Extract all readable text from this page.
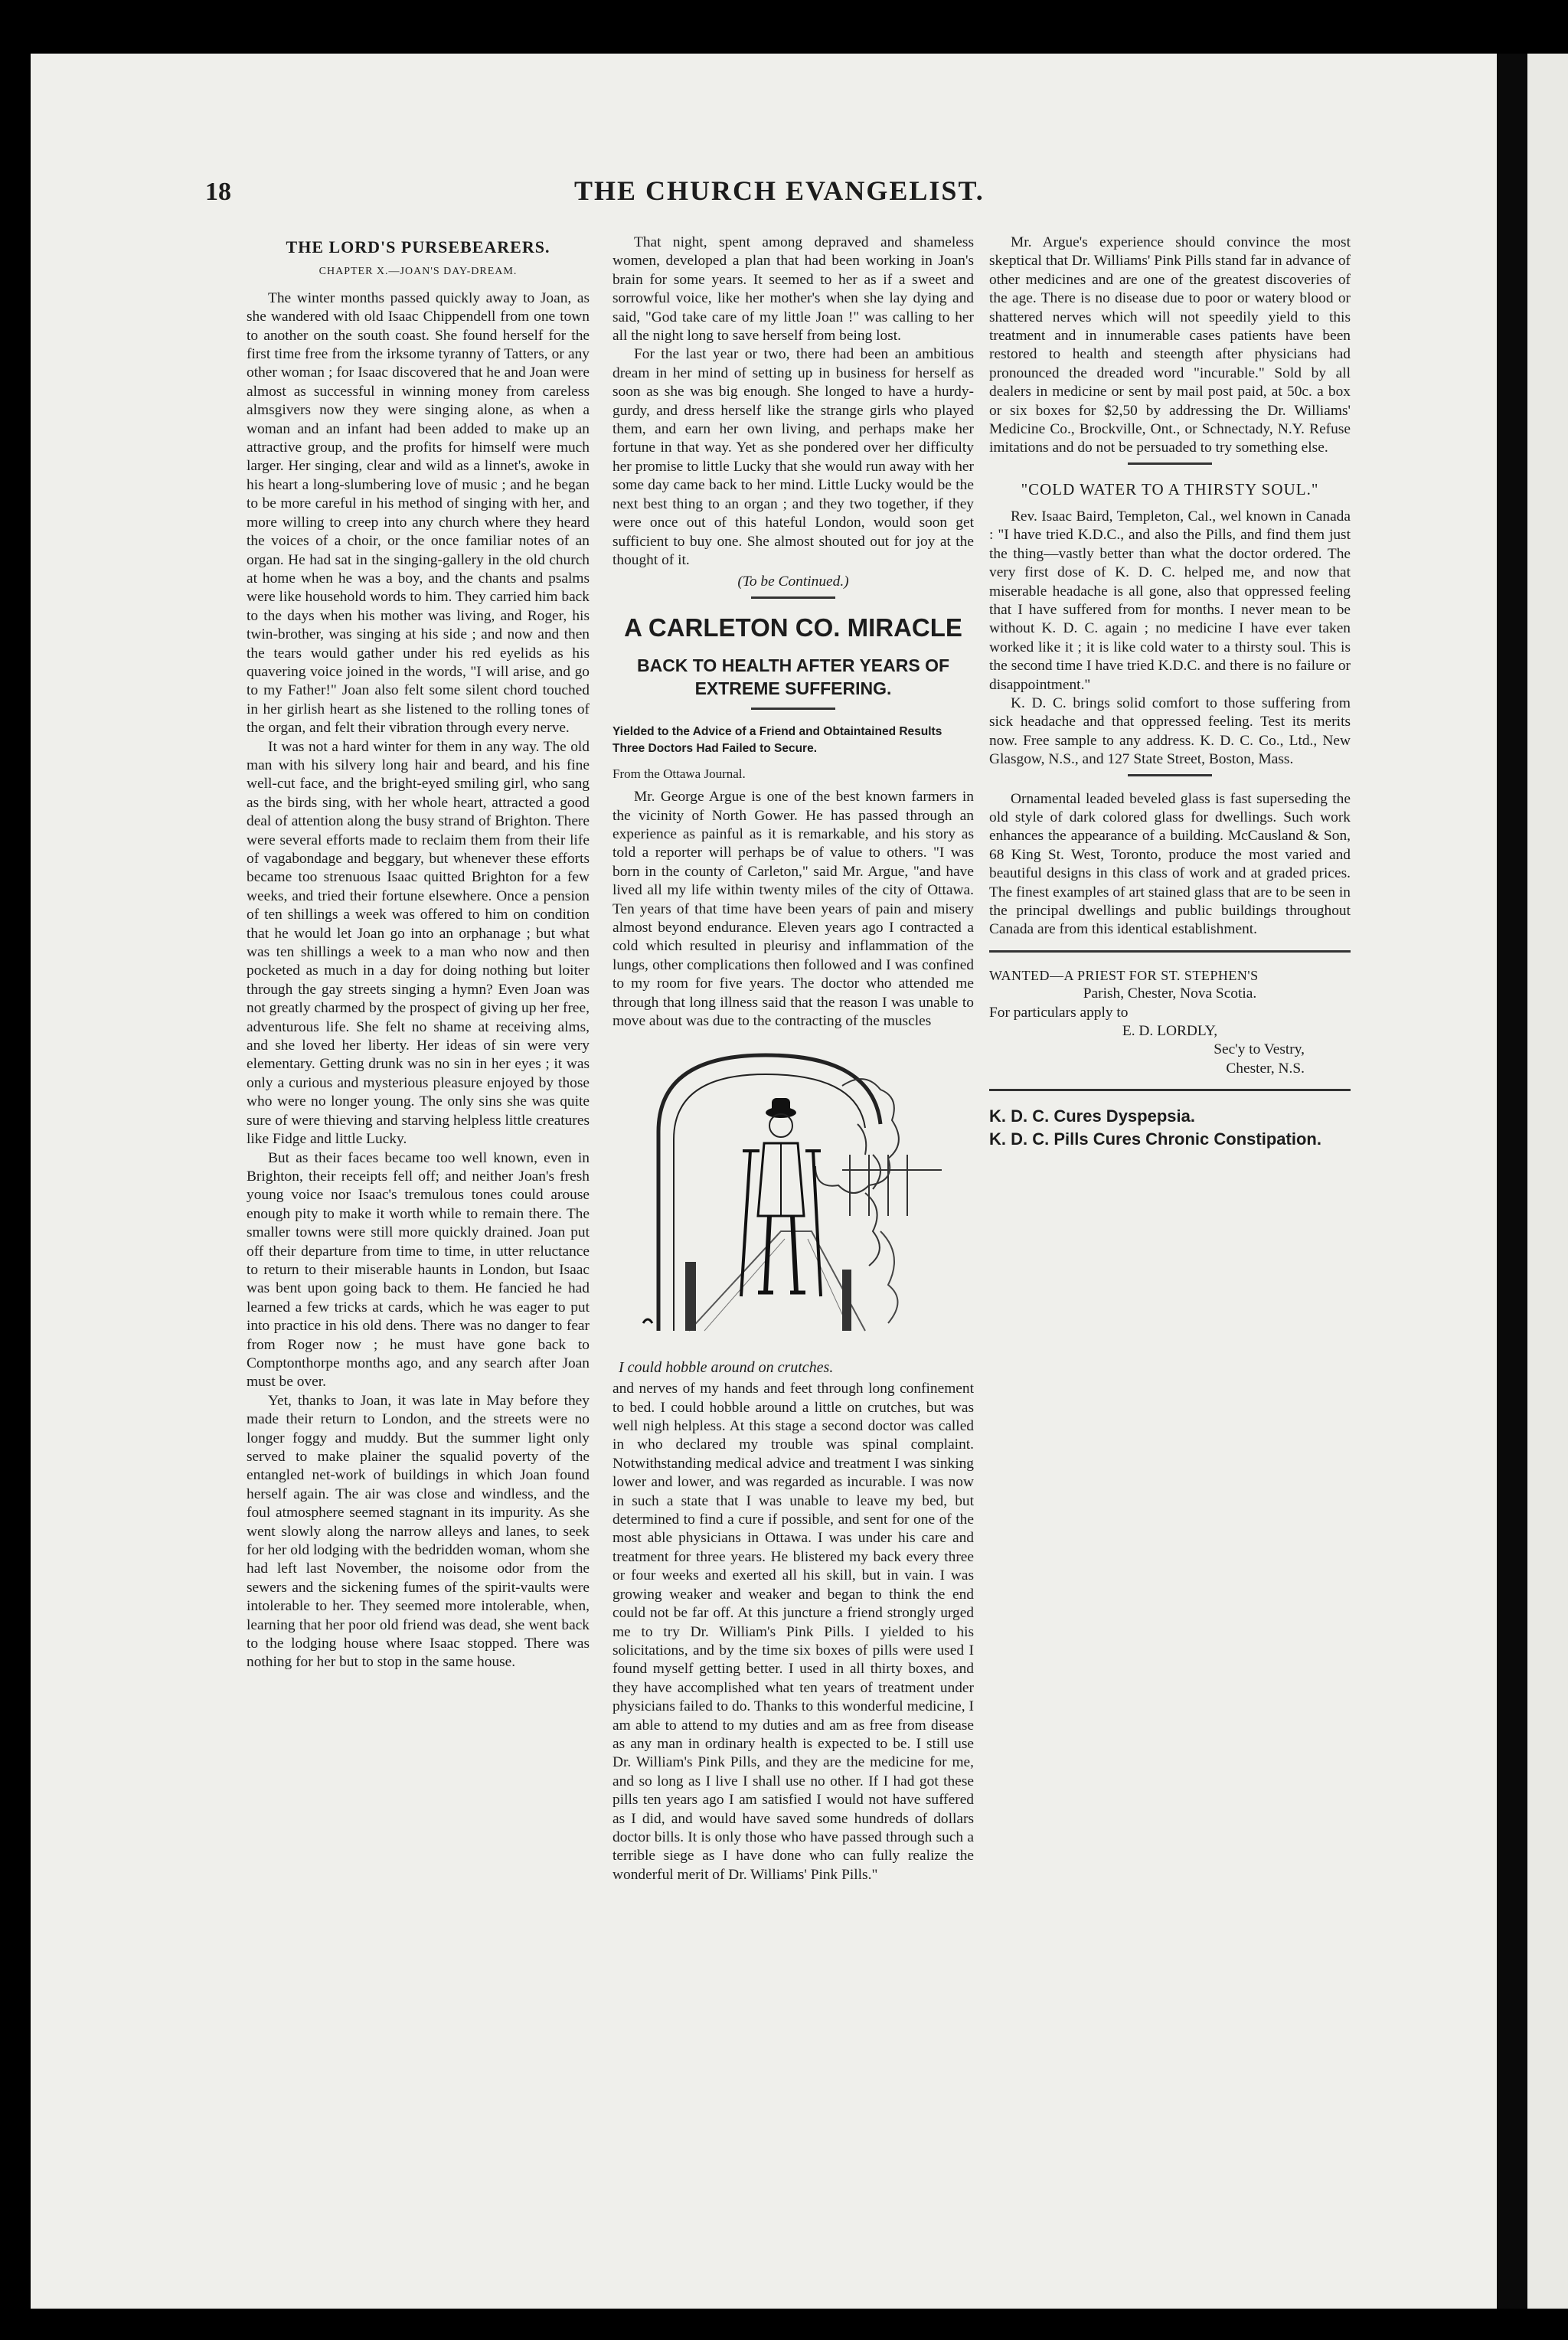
18	THE CHURCH EVANGELIST.
THE LORD'S PURSEBEARERS.
CHAPTER X.—JOAN'S DAY-DREAM.

The winter months passed quickly away to Joan, as she wandered with old Isaac Chippendell from one town to another on the south coast. She found herself for the first time free from the irksome tyranny of Tatters, or any other woman ; for Isaac discovered that he and Joan were almost as successful in winning money from careless almsgivers now they were singing alone, as when a woman and an infant had been added to make up an attractive group, and the profits for himself were much larger. Her singing, clear and wild as a linnet's, awoke in his heart a long-slumbering love of music ; and he began to be more careful in his method of singing with her, and more willing to creep into any church where they heard the voices of a choir, or the once familiar notes of an organ. He had sat in the singing-gallery in the old church at home when he was a boy, and the chants and psalms were like household words to him. They carried him back to the days when his mother was living, and Roger, his twin-brother, was singing at his side ; and now and then the tears would gather under his red eyelids as his quavering voice joined in the words, "I will arise, and go to my Father!" Joan also felt some silent chord touched in her girlish heart as she listened to the rolling tones of the organ, and felt their vibration through every nerve.

It was not a hard winter for them in any way. The old man with his silvery long hair and beard, and his fine well-cut face, and the bright-eyed smiling girl, who sang as the birds sing, with her whole heart, attracted a good deal of attention along the busy strand of Brighton. There were several efforts made to reclaim them from their life of vagabondage and beggary, but whenever these efforts became too strenuous Isaac quitted Brighton for a few weeks, and tried their fortune elsewhere. Once a pension of ten shillings a week was offered to him on condition that he would let Joan go into an orphanage ; but what was ten shillings a week to a man who now and then pocketed as much in a day for doing nothing but loiter through the gay streets singing a hymn? Even Joan was not greatly charmed by the prospect of giving up her free, adventurous life. She felt no shame at receiving alms, and she loved her liberty. Her ideas of sin were very elementary. Getting drunk was no sin in her eyes ; it was only a curious and mysterious pleasure enjoyed by those who were no longer young. The only sins she was quite sure of were thieving and starving helpless little creatures like Fidge and little Lucky.

But as their faces became too well known, even in Brighton, their receipts fell off; and neither Joan's fresh young voice nor Isaac's tremulous tones could arouse enough pity to make it worth while to remain there. The smaller towns were still more quickly drained. Joan put off their departure from time to time, in utter reluctance to return to their miserable haunts in London, but Isaac was bent upon going back to them. He fancied he had learned a few tricks at cards, which he was eager to put into practice in his old dens. There was no danger to fear from Roger now ; he must have gone back to Comptonthorpe months ago, and any search after Joan must be over.

Yet, thanks to Joan, it was late in May before they made their return to London, and the streets were no longer foggy and muddy. But the summer light only served to make plainer the squalid poverty of the entangled net-work of buildings in which Joan found herself again. The air was close and windless, and the foul atmosphere seemed stagnant in its impurity. As she went slowly along the narrow alleys and lanes, to seek for her old lodging with the bedridden woman, whom she had left last November, the noisome odor from the sewers and the sickening fumes of the spirit-vaults were intolerable to her. They seemed more intolerable, when, learning that her poor old friend was dead, she went back to the lodging house where Isaac stopped. There was nothing for her but to stop in the same house.

That night, spent among depraved and shameless women, developed a plan that had been working in Joan's brain for some years. It seemed to her as if a sweet and sorrowful voice, like her mother's when she lay dying and said, "God take care of my little Joan !" was calling to her all the night long to save herself from being lost.

For the last year or two, there had been an ambitious dream in her mind of setting up in business for herself as soon as she was big enough. She longed to have a hurdy-gurdy, and dress herself like the strange girls who played them, and earn her own living, and perhaps make her fortune in that way. Yet as she pondered over her difficulty her promise to little Lucky that she would run away with her some day came back to her mind. Little Lucky would be the next best thing to an organ ; and they two together, if they were once out of this hateful London, would soon get sufficient to buy one. She almost shouted out for joy at the thought of it.

(To be Continued.)
A CARLETON CO. MIRACLE
BACK TO HEALTH AFTER YEARS OF EXTREME SUFFERING.
Yielded to the Advice of a Friend and Obtaintained Results Three Doctors Had Failed to Secure.
From the Ottawa Journal.

Mr. George Argue is one of the best known farmers in the vicinity of North Gower. He has passed through an experience as painful as it is remarkable, and his story as told a reporter will perhaps be of value to others. "I was born in the county of Carleton," said Mr. Argue, "and have lived all my life within twenty miles of the city of Ottawa. Ten years of that time have been years of pain and misery almost beyond endurance. Eleven years ago I contracted a cold which resulted in pleurisy and inflammation of the lungs, other complications then followed and I was confined to my room for five years. The doctor who attended me through that long illness said that the reason I was unable to move about was due to the contracting of the muscles

I could hobble around on crutches.

and nerves of my hands and feet through long confinement to bed. I could hobble around a little on crutches, but was well nigh helpless. At this stage a second doctor was called in who declared my trouble was spinal complaint. Notwithstanding medical advice and treatment I was sinking lower and lower, and was regarded as incurable. I was now in such a state that I was unable to leave my bed, but determined to find a cure if possible, and sent for one of the most able physicians in Ottawa. I was under his care and treatment for three years. He blistered my back every three or four weeks and exerted all his skill, but in vain. I was growing weaker and weaker and began to think the end could not be far off. At this juncture a friend strongly urged me to try Dr. William's Pink Pills. I yielded to his solicitations, and by the time six boxes of pills were used I found myself getting better. I used in all thirty boxes, and they have accomplished what ten years of treatment under physicians failed to do. Thanks to this wonderful medicine, I am able to attend to my duties and am as free from disease as any man in ordinary health is expected to be. I still use Dr. William's Pink Pills, and they are the medicine for me, and so long as I live I shall use no other. If I had got these pills ten years ago I am satisfied I would not have suffered as I did, and would have saved some hundreds of dollars doctor bills. It is only those who have passed through such a terrible siege as I have done who can fully realize the wonderful merit of Dr. Williams' Pink Pills."

Mr. Argue's experience should convince the most skeptical that Dr. Williams' Pink Pills stand far in advance of other medicines and are one of the greatest discoveries of the age. There is no disease due to poor or watery blood or shattered nerves which will not speedily yield to this treatment and in innumerable cases patients have been restored to health and steength after physicians had pronounced the dreaded word "incurable." Sold by all dealers in medicine or sent by mail post paid, at 50c. a box or six boxes for $2,50 by addressing the Dr. Williams' Medicine Co., Brockville, Ont., or Schnectady, N.Y. Refuse imitations and do not be persuaded to try something else.

"COLD WATER TO A THIRSTY SOUL."

Rev. Isaac Baird, Templeton, Cal., wel known in Canada : "I have tried K.D.C., and also the Pills, and find them just the thing—vastly better than what the doctor ordered. The very first dose of K. D. C. helped me, and now that miserable headache is all gone, also that oppressed feeling that I have suffered from for months. I never mean to be without K. D. C. again ; no medicine I have ever taken worked like it ; it is like cold water to a thirsty soul. This is the second time I have tried K.D.C. and there is no failure or disappointment."

K. D. C. brings solid comfort to those suffering from sick headache and that oppressed feeling. Test its merits now. Free sample to any address. K. D. C. Co., Ltd., New Glasgow, N.S., and 127 State Street, Boston, Mass.

Ornamental leaded beveled glass is fast superseding the old style of dark colored glass for dwellings. Such work enhances the appearance of a building. McCausland & Son, 68 King St. West, Toronto, produce the most varied and beautiful designs in this class of work and at graded prices. The finest examples of art stained glass that are to be seen in the principal dwellings and public buildings throughout Canada are from this identical establishment.

WANTED—A PRIEST FOR ST. STEPHEN'S

Parish, Chester, Nova Scotia.

For particulars apply to

E. D. LORDLY,

Sec'y to Vestry,

Chester, N.S.

K. D. C. Cures Dyspepsia.

K. D. C. Pills Cures Chronic Constipation.
